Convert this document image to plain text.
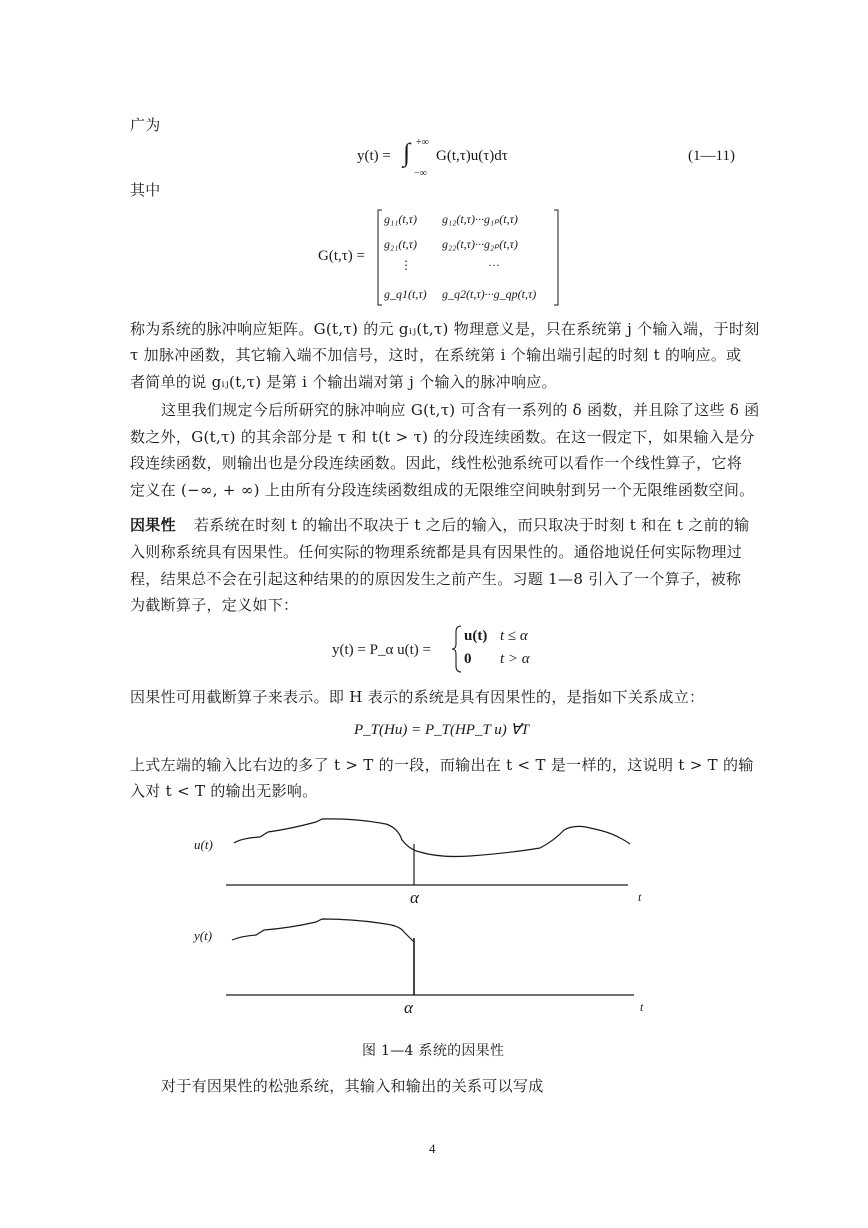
广为
y(t) = ∫ +∞
−∞
G(t,τ)u(τ)dτ	(1—11)
其中
G(t,τ) =
g₁₁(t,τ) g₁₂(t,τ)···g₁ₚ(t,τ)
g₂₁(t,τ) g₂₂(t,τ)···g₂ₚ(t,τ)
⋮	···
g_q1(t,τ) g_q2(t,τ)···g_qp(t,τ)
称为系统的脉冲响应矩阵。G(t,τ) 的元 gᵢⱼ(t,τ) 物理意义是，只在系统第 j 个输入端，于时刻
τ 加脉冲函数，其它输入端不加信号，这时，在系统第 i 个输出端引起的时刻 t 的响应。或
者简单的说 gᵢⱼ(t,τ) 是第 i 个输出端对第 j 个输入的脉冲响应。
这里我们规定今后所研究的脉冲响应 G(t,τ) 可含有一系列的 δ 函数，并且除了这些 δ 函
数之外，G(t,τ) 的其余部分是 τ 和 t(t > τ) 的分段连续函数。在这一假定下，如果输入是分
段连续函数，则输出也是分段连续函数。因此，线性松弛系统可以看作一个线性算子，它将
定义在 (−∞, + ∞) 上由所有分段连续函数组成的无限维空间映射到另一个无限维函数空间。
因果性 若系统在时刻 t 的输出不取决于 t 之后的输入，而只取决于时刻 t 和在 t 之前的输
入则称系统具有因果性。任何实际的物理系统都是具有因果性的。通俗地说任何实际物理过
程，结果总不会在引起这种结果的的原因发生之前产生。习题 1—8 引入了一个算子，被称
为截断算子，定义如下：
y(t) = P_α u(t) =
u(t) t ≤ α
0 t > α
因果性可用截断算子来表示。即 H 表示的系统是具有因果性的，是指如下关系成立：
P_T(Hu) = P_T(HP_T u) ∀T
上式左端的输入比右边的多了 t > T 的一段，而输出在 t < T 是一样的，这说明 t > T 的输
入对 t < T 的输出无影响。
u(t)
y(t)
α
α
t
t
图 1—4 系统的因果性
对于有因果性的松弛系统，其输入和输出的关系可以写成
4
